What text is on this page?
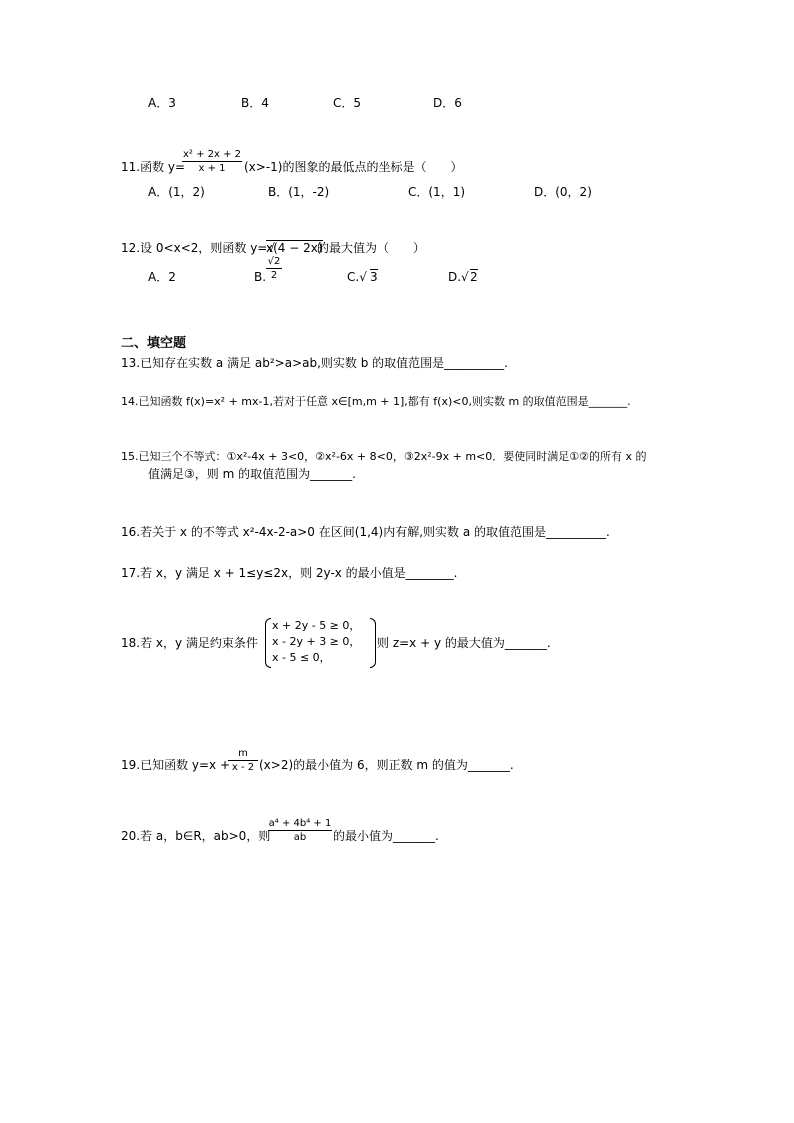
A．3	B．4	C．5	D．6
11.函数 y=
x² + 2x + 2
x + 1	(x>-1)的图象的最低点的坐标是（　　）
A．(1，2)	B．(1，-2)	C．(1，1)	D．(0，2)
12.设 0<x<2，则函数 y=√
x(4 − 2x)
的最大值为（　　）
A．2	B.
√2
2	C.√ 3	D.√ 2
二、填空题
13.已知存在实数 a 满足 ab²>a>ab,则实数 b 的取值范围是__________.
14.已知函数 f(x)=x² + mx-1,若对于任意 x∈[m,m + 1],都有 f(x)<0,则实数 m 的取值范围是_______.
15.已知三个不等式：①x²-4x + 3<0，②x²-6x + 8<0，③2x²-9x + m<0．要使同时满足①②的所有 x 的
值满足③，则 m 的取值范围为_______.
16.若关于 x 的不等式 x²-4x-2-a>0 在区间(1,4)内有解,则实数 a 的取值范围是__________.
17.若 x，y 满足 x + 1≤y≤2x，则 2y-x 的最小值是________.
18.若 x，y 满足约束条件
x + 2y - 5 ≥ 0，
x - 2y + 3 ≥ 0，
x - 5 ≤ 0，
则 z=x + y 的最大值为_______.
19.已知函数 y=x +
m
x - 2 (x>2)的最小值为 6，则正数 m 的值为_______.
20.若 a，b∈R，ab>0，则
a⁴ + 4b⁴ + 1
ab	的最小值为_______.
